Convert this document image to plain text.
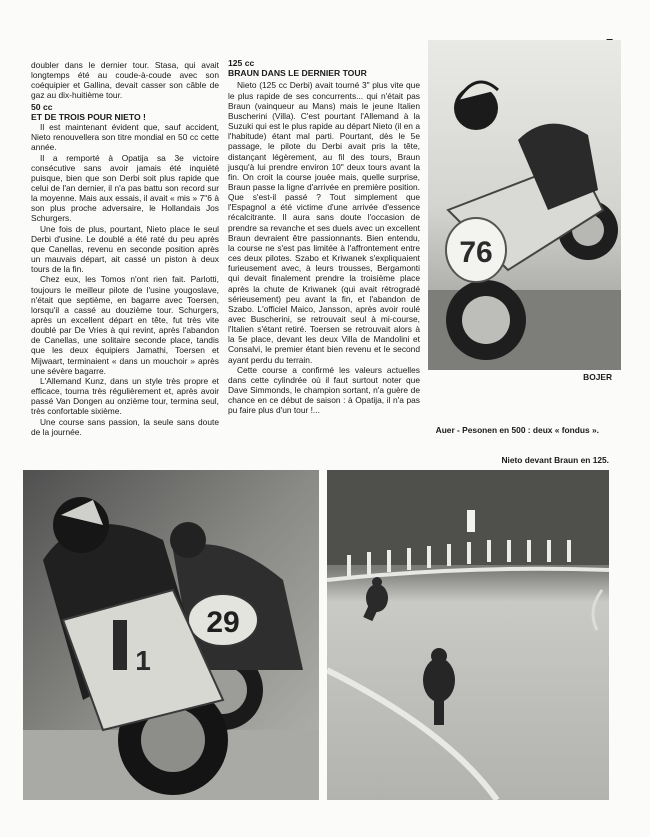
doubler dans le dernier tour. Stasa, qui avait longtemps été au coude-à-coude avec son coéquipier et Gallina, devait casser son câble de gaz au dix-huitième tour.

50 cc
ET DE TROIS POUR NIETO !

Il est maintenant évident que, sauf accident, Nieto renouvellera son titre mondial en 50 cc cette année.

Il a remporté à Opatija sa 3e victoire consécutive sans avoir jamais été inquiété puisque, bien que son Derbi soit plus rapide que celui de l'an dernier, il n'a pas battu son record sur la moyenne. Mais aux essais, il avait « mis » 7"6 à son plus proche adversaire, le Hollandais Jos Schurgers.

Une fois de plus, pourtant, Nieto place le seul Derbi d'usine. Le doublé a été raté du peu après que Canellas, revenu en seconde position après un mauvais départ, ait cassé un piston à deux tours de la fin.

Chez eux, les Tomos n'ont rien fait. Parlotti, toujours le meilleur pilote de l'usine yougoslave, n'était que septième, en bagarre avec Toersen, lorsqu'il a cassé au douzième tour. Schurgers, après un excellent départ en tête, fut très vite doublé par De Vries à qui revint, après l'abandon de Canellas, une solitaire seconde place, tandis que les deux équipiers Jamathi, Toersen et Mijwaart, terminaient « dans un mouchoir » après une sévère bagarre.

L'Allemand Kunz, dans un style très propre et efficace, tourna très régulièrement et, après avoir passé Van Dongen au onzième tour, termina seul, très confortable sixième.

Une course sans passion, la seule sans doute de la journée.

125 cc
BRAUN DANS LE DERNIER TOUR

Nieto (125 cc Derbi) avait tourné 3" plus vite que le plus rapide de ses concurrents... qui n'était pas Braun (vainqueur au Mans) mais le jeune Italien Buscherini (Villa). C'est pourtant l'Allemand à la Suzuki qui est le plus rapide au départ Nieto (il en a l'habitude) étant mal parti. Pourtant, dès le 5e passage, le pilote du Derbi avait pris la tête, distançant légèrement, au fil des tours, Braun jusqu'à lui prendre environ 10" deux tours avant la fin. On croit la course jouée mais, quelle surprise, Braun passe la ligne d'arrivée en première position. Que s'est-il passé ? Tout simplement que l'Espagnol a été victime d'une arrivée d'essence récalcitrante. Il aura sans doute l'occasion de prendre sa revanche et ses duels avec un excellent Braun devraient être passionnants. Bien entendu, la course ne s'est pas limitée à l'affrontement entre ces deux pilotes. Szabo et Kriwanek s'expliquaient furieusement avec, à leurs trousses, Bergamonti qui devait finalement prendre la troisième place après la chute de Kriwanek (qui avait rétrogradé sérieusement) peu avant la fin, et l'abandon de Szabo. L'officiel Maico, Jansson, après avoir roulé avec Buscherini, se retrouvait seul à mi-course, l'Italien s'étant retiré. Toersen se retrouvait alors à la 5e place, devant les deux Villa de Mandolini et Consalvi, le premier étant bien revenu et le second ayant perdu du terrain.

Cette course a confirmé les valeurs actuelles dans cette cylindrée où il faut surtout noter que Dave Simmonds, le champion sortant, n'a guère de chance en ce début de saison : à Opatija, il n'a pas pu faire plus d'un tour !...

76
BOJER
Auer - Pesonen en 500 : deux « fondus ».
Nieto devant Braun en 125.
29
1
